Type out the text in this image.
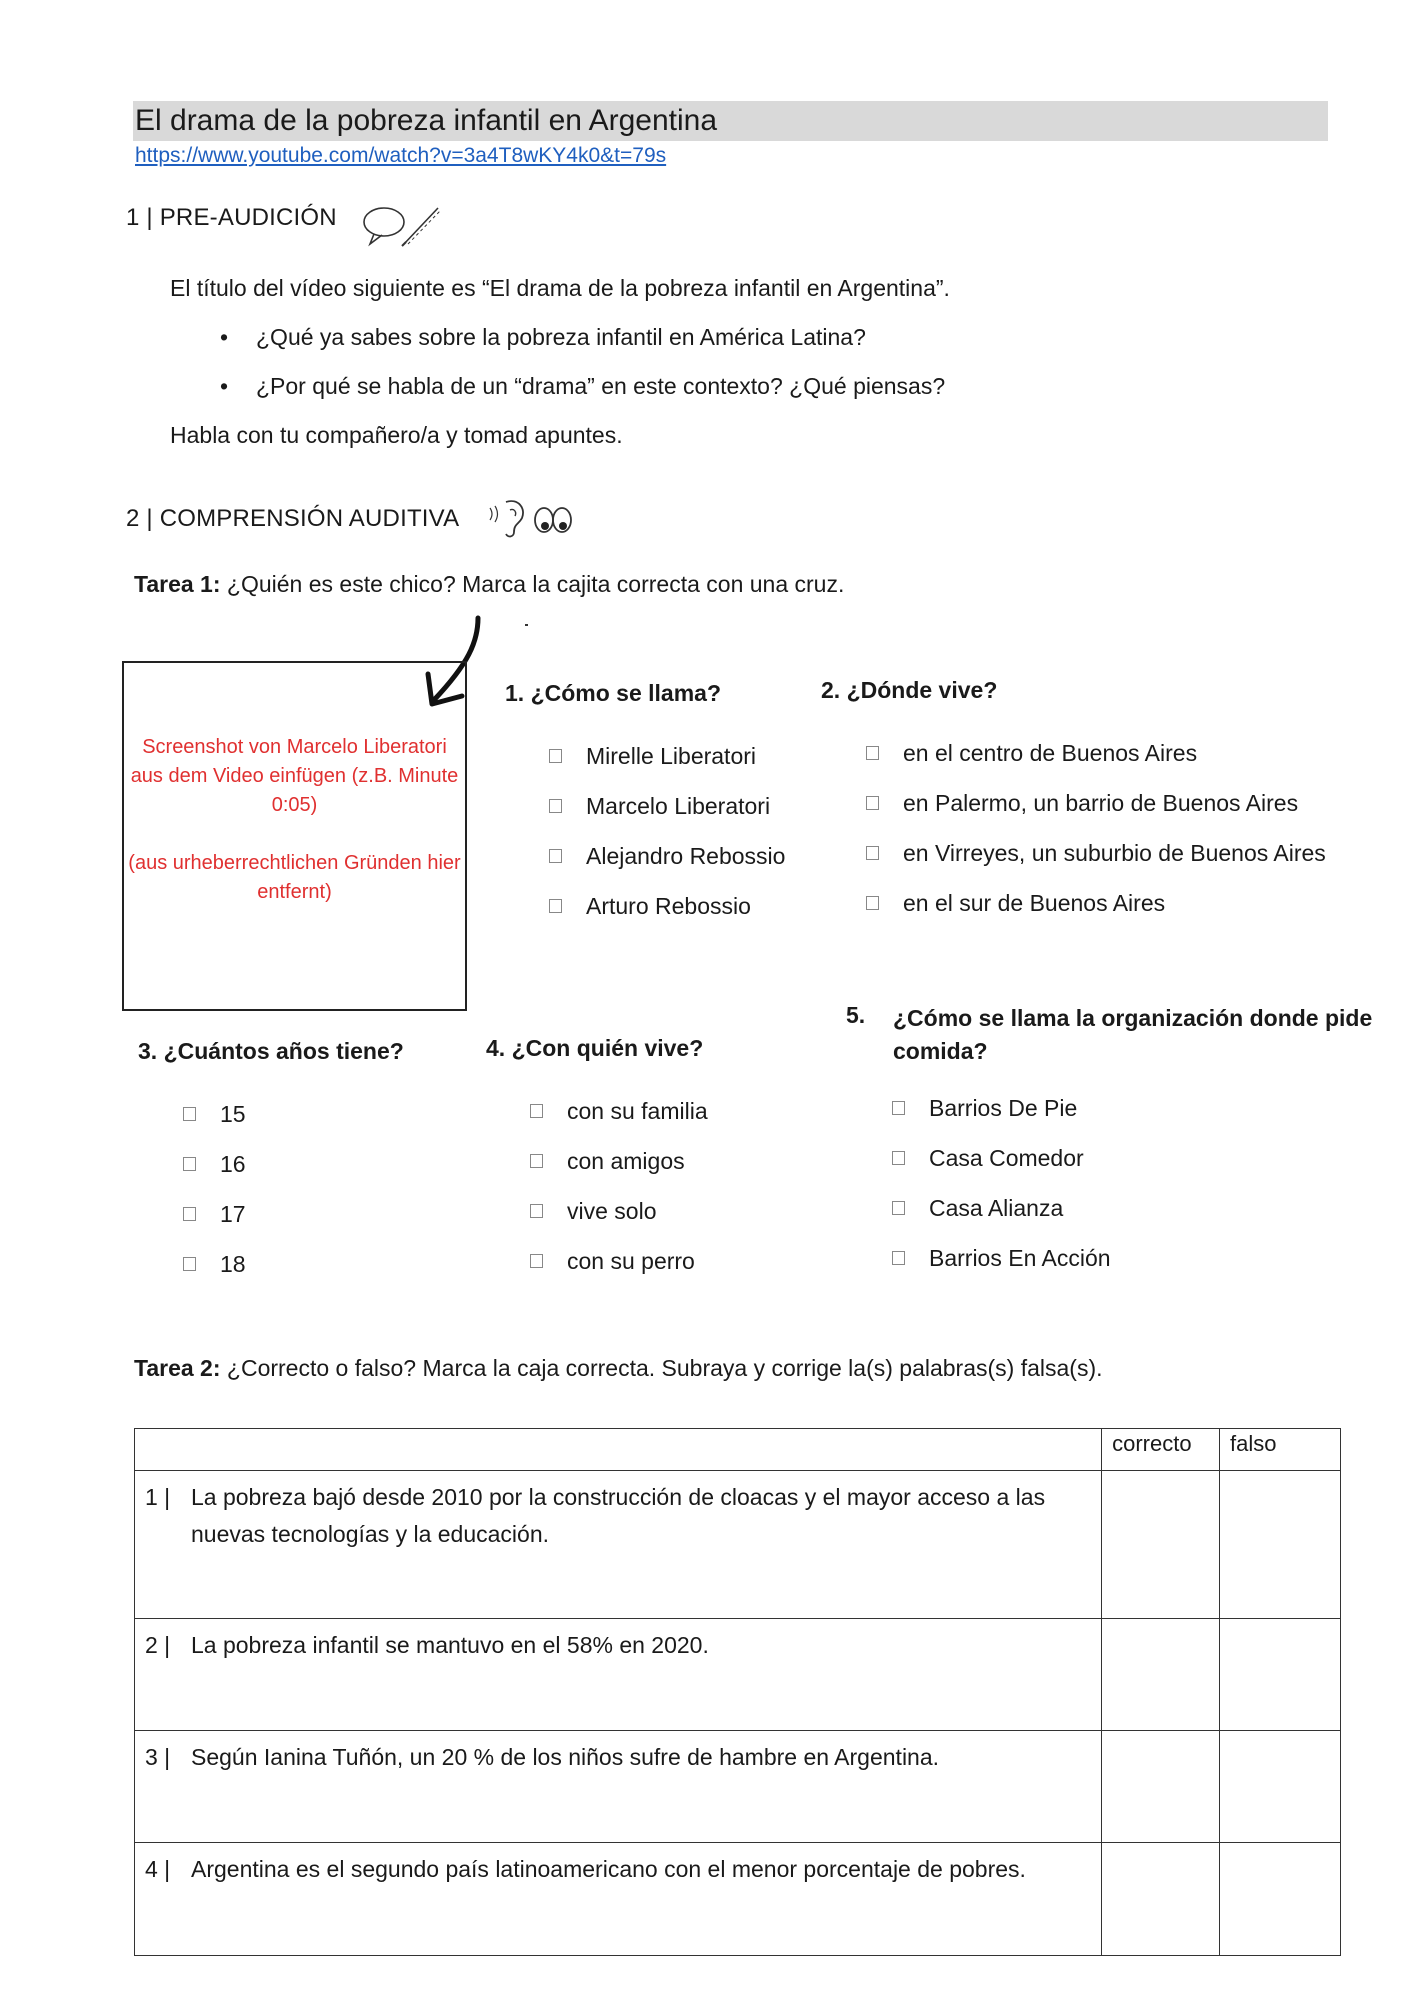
El drama de la pobreza infantil en Argentina
https://www.youtube.com/watch?v=3a4T8wKY4k0&t=79s
1 | PRE-AUDICIÓN
El título del vídeo siguiente es “El drama de la pobreza infantil en Argentina”.
• ¿Qué ya sabes sobre la pobreza infantil en América Latina?
• ¿Por qué se habla de un “drama” en este contexto? ¿Qué piensas?
Habla con tu compañero/a y tomad apuntes.
2 | COMPRENSIÓN AUDITIVA
Tarea 1: ¿Quién es este chico? Marca la cajita correcta con una cruz.
Screenshot von Marcelo Liberatori aus dem Video einfügen (z.B. Minute 0:05)
(aus urheberrechtlichen Gründen hier entfernt)
1. ¿Cómo se llama?
Mirelle Liberatori
Marcelo Liberatori
Alejandro Rebossio
Arturo Rebossio
2. ¿Dónde vive?
en el centro de Buenos Aires
en Palermo, un barrio de Buenos Aires
en Virreyes, un suburbio de Buenos Aires
en el sur de Buenos Aires
3. ¿Cuántos años tiene?
15
16
17
18
4. ¿Con quién vive?
con su familia
con amigos
vive solo
con su perro
5. ¿Cómo se llama la organización donde pide
comida?
Barrios De Pie
Casa Comedor
Casa Alianza
Barrios En Acción
Tarea 2: ¿Correcto o falso? Marca la caja correcta. Subraya y corrige la(s) palabras(s) falsa(s).
	correcto	falso

1 | La pobreza bajó desde 2010 por la construcción de cloacas y el mayor acceso a las nuevas tecnologías y la educación.		

2 | La pobreza infantil se mantuvo en el 58% en 2020.		

3 | Según Ianina Tuñón, un 20 % de los niños sufre de hambre en Argentina.		

4 | Argentina es el segundo país latinoamericano con el menor porcentaje de pobres.		
